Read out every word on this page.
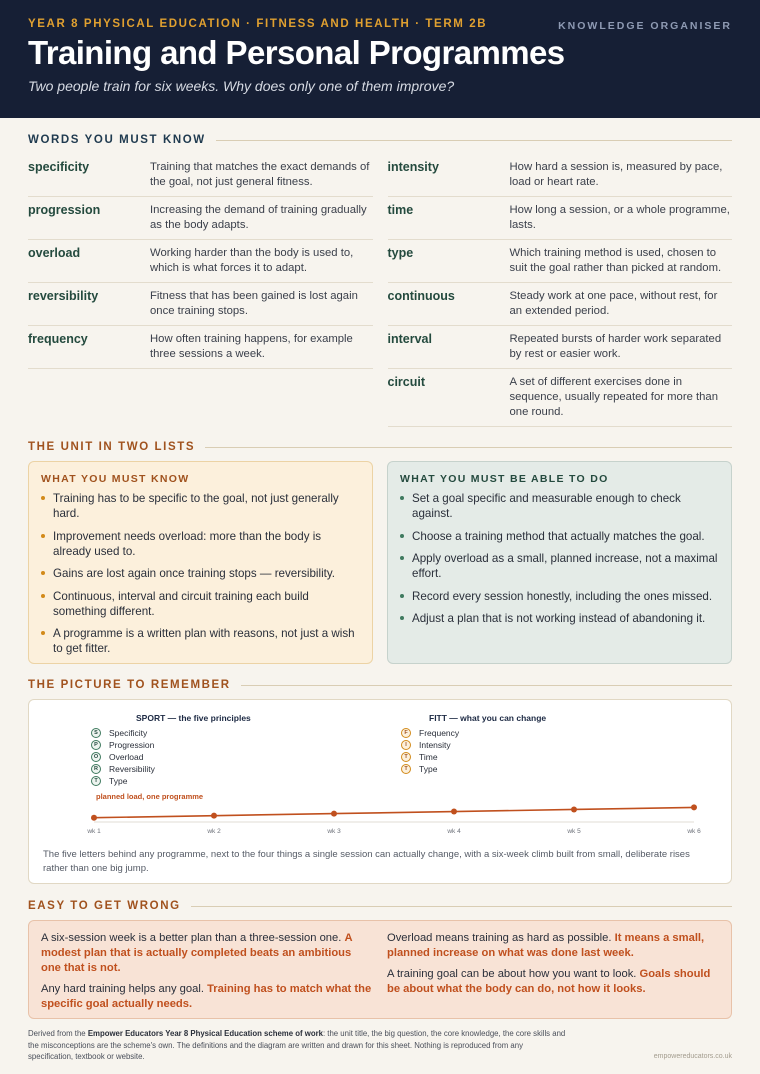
YEAR 8 PHYSICAL EDUCATION · FITNESS AND HEALTH · TERM 2B	KNOWLEDGE ORGANISER
Training and Personal Programmes
Two people train for six weeks. Why does only one of them improve?
WORDS YOU MUST KNOW
specificity	Training that matches the exact demands of the goal, not just general fitness.
progression	Increasing the demand of training gradually as the body adapts.
overload	Working harder than the body is used to, which is what forces it to adapt.
reversibility	Fitness that has been gained is lost again once training stops.
frequency	How often training happens, for example three sessions a week.
intensity	How hard a session is, measured by pace, load or heart rate.
time	How long a session, or a whole programme, lasts.
type	Which training method is used, chosen to suit the goal rather than picked at random.
continuous	Steady work at one pace, without rest, for an extended period.
interval	Repeated bursts of harder work separated by rest or easier work.
circuit	A set of different exercises done in sequence, usually repeated for more than one round.
THE UNIT IN TWO LISTS
WHAT YOU MUST KNOW
Training has to be specific to the goal, not just generally hard.
Improvement needs overload: more than the body is already used to.
Gains are lost again once training stops — reversibility.
Continuous, interval and circuit training each build something different.
A programme is a written plan with reasons, not just a wish to get fitter.
WHAT YOU MUST BE ABLE TO DO
Set a goal specific and measurable enough to check against.
Choose a training method that actually matches the goal.
Apply overload as a small, planned increase, not a maximal effort.
Record every session honestly, including the ones missed.
Adjust a plan that is not working instead of abandoning it.
THE PICTURE TO REMEMBER
SPORT — the five principles
S	Specificity
P	Progression
O	Overload
R	Reversibility
T	Type
FITT — what you can change
F	Frequency
I	Intensity
T	Time
T	Type
planned load, one programme
wk 1	wk 2	wk 3	wk 4	wk 5	wk 6
The five letters behind any programme, next to the four things a single session can actually change, with a six-week climb built from small, deliberate rises rather than one big jump.
EASY TO GET WRONG
A six-session week is a better plan than a three-session one. A modest plan that is actually completed beats an ambitious one that is not.
Any hard training helps any goal. Training has to match what the specific goal actually needs.
Overload means training as hard as possible. It means a small, planned increase on what was done last week.
A training goal can be about how you want to look. Goals should be about what the body can do, not how it looks.
Derived from the Empower Educators Year 8 Physical Education scheme of work: the unit title, the big question, the core knowledge, the core skills and the misconceptions are the scheme's own. The definitions and the diagram are written and drawn for this sheet. Nothing is reproduced from any specification, textbook or website.	empowereducators.co.uk
